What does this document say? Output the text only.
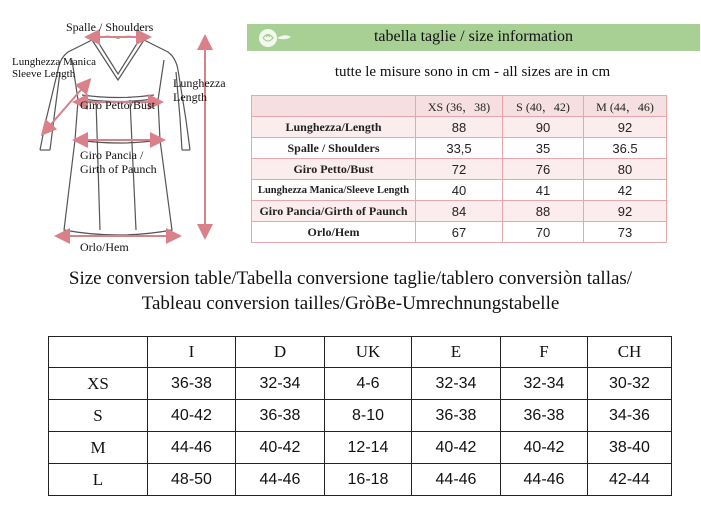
Spalle / Shoulders
Lunghezza Manica
Sleeve Length
Lunghezza
Length
Giro Petto/Bust
Giro Pancia /
Girth of Paunch
Orlo/Hem
tabella taglie / size information
tutte le misure sono in cm - all sizes are in cm
	XS (36，38)	S (40，42)	M (44，46)
Lunghezza/Length	88	90	92
Spalle / Shoulders	33,5	35	36.5
Giro Petto/Bust	72	76	80
Lunghezza Manica/Sleeve Length	40	41	42
Giro Pancia/Girth of Paunch	84	88	92
Orlo/Hem	67	70	73
Size conversion table/Tabella conversione taglie/tablero conversiòn tallas/
Tableau conversion tailles/GròBe-Umrechnungstabelle
	I	D	UK	E	F	CH
XS	36-38	32-34	4-6	32-34	32-34	30-32
S	40-42	36-38	8-10	36-38	36-38	34-36
M	44-46	40-42	12-14	40-42	40-42	38-40
L	48-50	44-46	16-18	44-46	44-46	42-44
